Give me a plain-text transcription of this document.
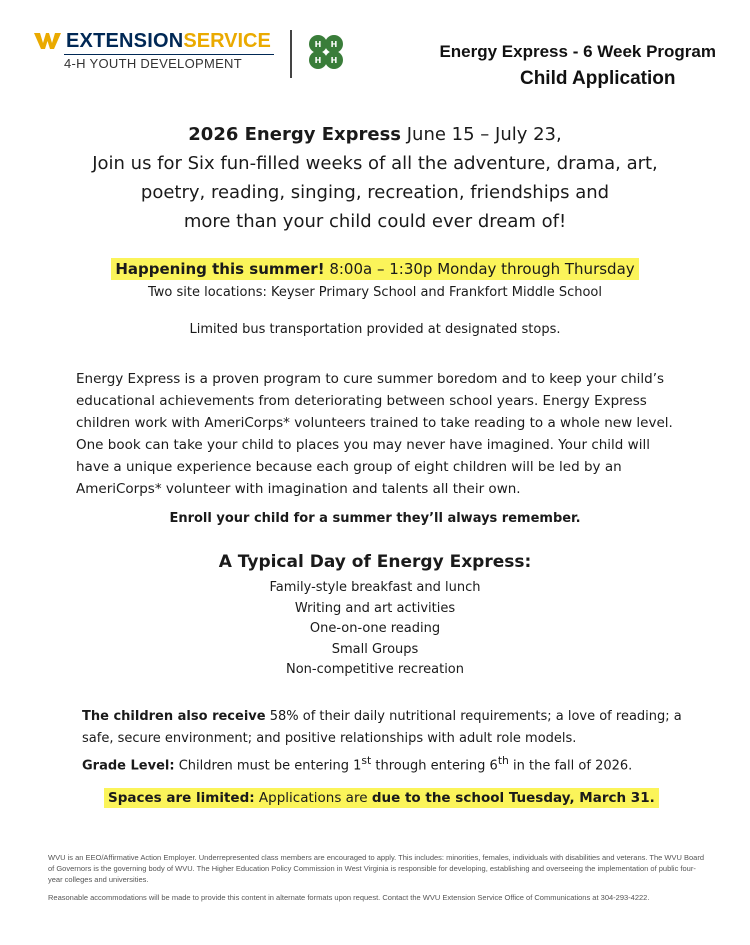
EXTENSION SERVICE
4-H YOUTH DEVELOPMENT
H H
H H	Energy Express - 6 Week Program
Child Application
2026 Energy Express June 15 – July 23,
Join us for Six fun-filled weeks of all the adventure, drama, art,
poetry, reading, singing, recreation, friendships and
more than your child could ever dream of!
Happening this summer! 8:00a – 1:30p Monday through Thursday
Two site locations: Keyser Primary School and Frankfort Middle School
Limited bus transportation provided at designated stops.
Energy Express is a proven program to cure summer boredom and to keep your child’s educational achievements from deteriorating between school years. Energy Express children work with AmeriCorps* volunteers trained to take reading to a whole new level. One book can take your child to places you may never have imagined. Your child will have a unique experience because each group of eight children will be led by an AmeriCorps* volunteer with imagination and talents all their own.
Enroll your child for a summer they’ll always remember.
A Typical Day of Energy Express:
Family-style breakfast and lunch
Writing and art activities
One-on-one reading
Small Groups
Non-competitive recreation
The children also receive 58% of their daily nutritional requirements; a love of reading; a safe, secure environment; and positive relationships with adult role models.
Grade Level: Children must be entering 1st through entering 6th in the fall of 2026.
Spaces are limited: Applications are due to the school Tuesday, March 31.
WVU is an EEO/Affirmative Action Employer. Underrepresented class members are encouraged to apply. This includes: minorities, females, individuals with disabilities and veterans. The WVU Board of Governors is the governing body of WVU. The Higher Education Policy Commission in West Virginia is responsible for developing, establishing and overseeing the implementation of public four-year colleges and universities.
Reasonable accommodations will be made to provide this content in alternate formats upon request. Contact the WVU Extension Service Office of Communications at 304-293-4222.
